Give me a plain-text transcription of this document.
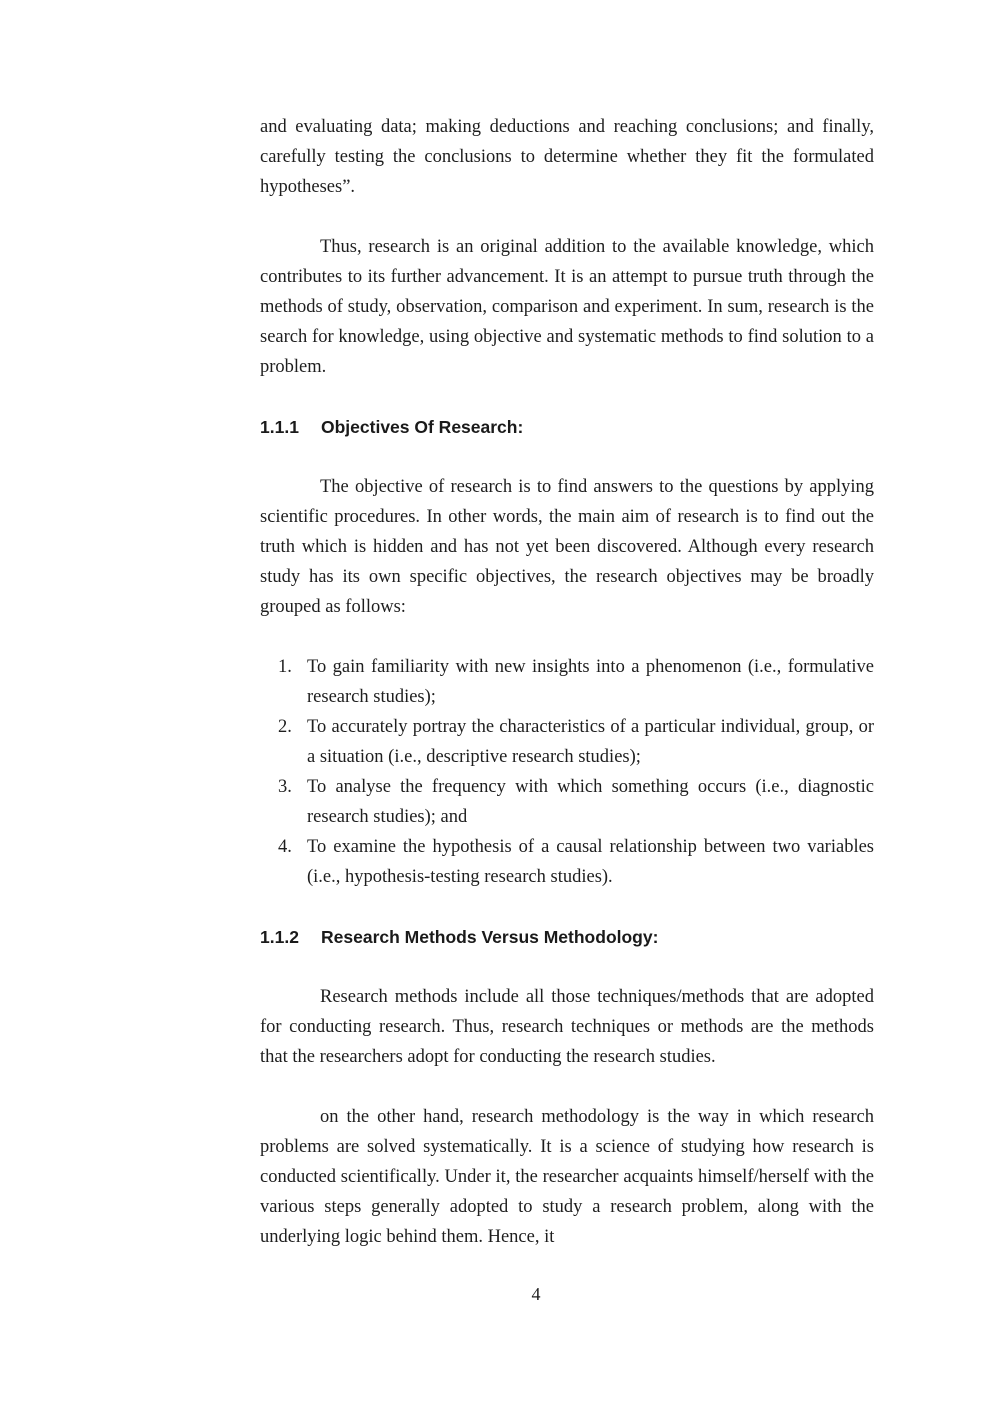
and evaluating data; making deductions and reaching conclusions; and finally, carefully testing the conclusions to determine whether they fit the formulated hypotheses”.

Thus, research is an original addition to the available knowledge, which contributes to its further advancement. It is an attempt to pursue truth through the methods of study, observation, comparison and experiment. In sum, research is the search for knowledge, using objective and systematic methods to find solution to a problem.

1.1.1 Objectives Of Research:

The objective of research is to find answers to the questions by applying scientific procedures. In other words, the main aim of research is to find out the truth which is hidden and has not yet been discovered. Although every research study has its own specific objectives, the research objectives may be broadly grouped as follows:

1. To gain familiarity with new insights into a phenomenon (i.e., formulative research studies);
2. To accurately portray the characteristics of a particular individual, group, or a situation (i.e., descriptive research studies);
3. To analyse the frequency with which something occurs (i.e., diagnostic research studies); and
4. To examine the hypothesis of a causal relationship between two variables (i.e., hypothesis-testing research studies).
1.1.2 Research Methods Versus Methodology:

Research methods include all those techniques/methods that are adopted for conducting research. Thus, research techniques or methods are the methods that the researchers adopt for conducting the research studies.

on the other hand, research methodology is the way in which research problems are solved systematically. It is a science of studying how research is conducted scientifically. Under it, the researcher acquaints himself/herself with the various steps generally adopted to study a research problem, along with the underlying logic behind them. Hence, it

4
